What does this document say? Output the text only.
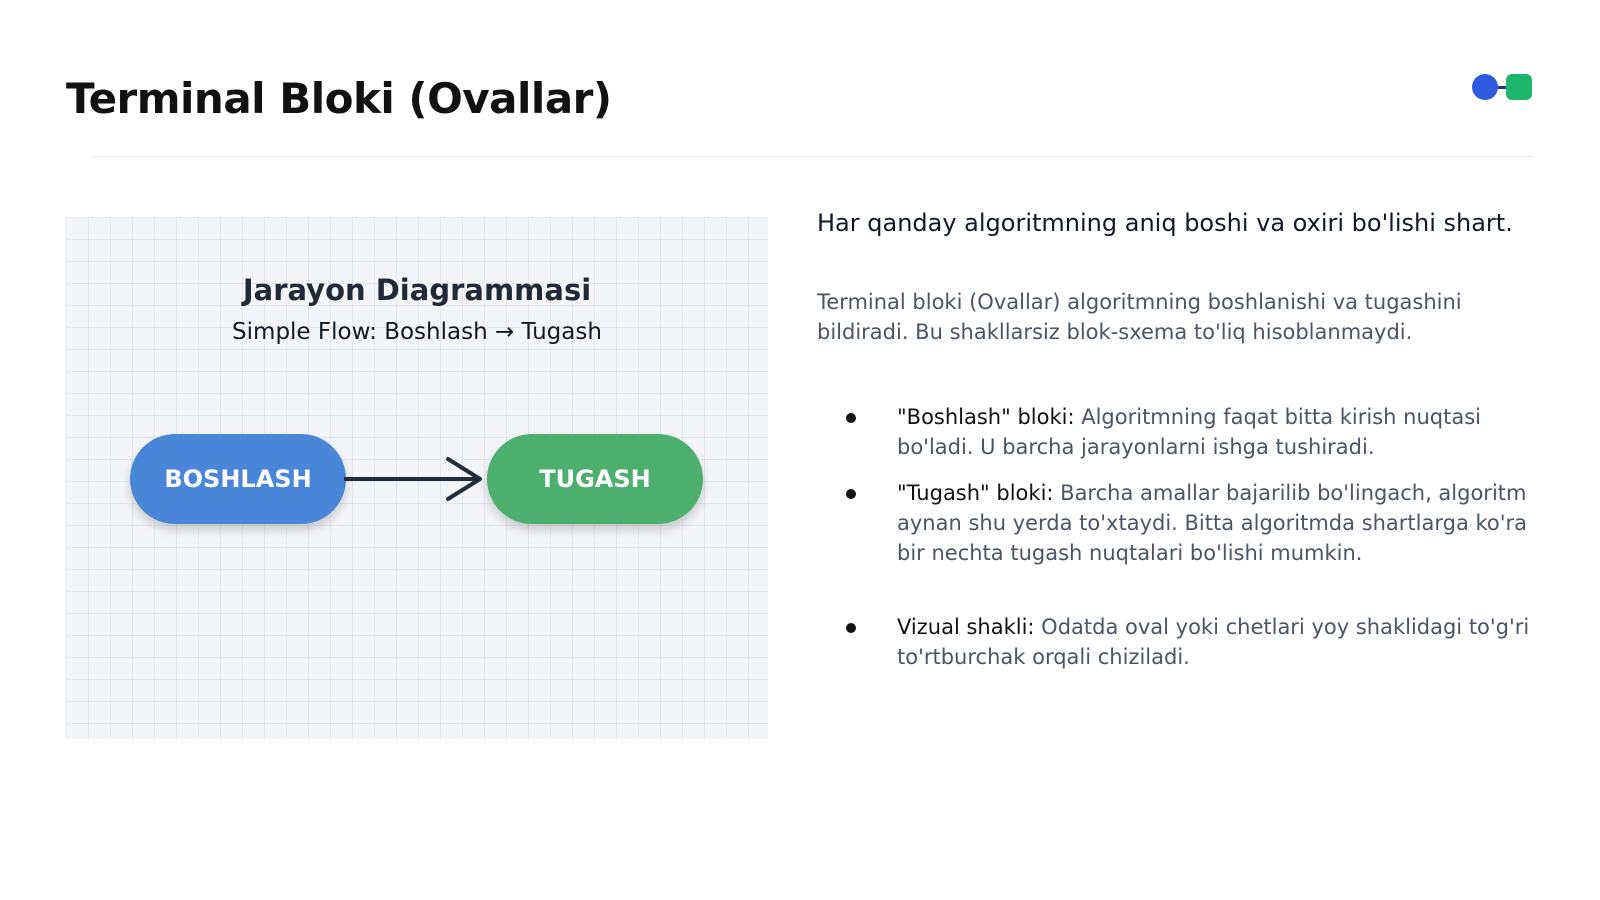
Terminal Bloki (Ovallar)
Jarayon Diagrammasi
Simple Flow: Boshlash → Tugash
BOSHLASH	TUGASH

Har qanday algoritmning aniq boshi va oxiri bo'lishi shart.

Terminal bloki (Ovallar) algoritmning boshlanishi va tugashini bildiradi. Bu shakllarsiz blok-sxema to'liq hisoblanmaydi.

"Boshlash" bloki: Algoritmning faqat bitta kirish nuqtasi bo'ladi. U barcha jarayonlarni ishga tushiradi.
"Tugash" bloki: Barcha amallar bajarilib bo'lingach, algoritm aynan shu yerda to'xtaydi. Bitta algoritmda shartlarga ko'ra bir nechta tugash nuqtalari bo'lishi mumkin.
Vizual shakli: Odatda oval yoki chetlari yoy shaklidagi to'g'ri to'rtburchak orqali chiziladi.
